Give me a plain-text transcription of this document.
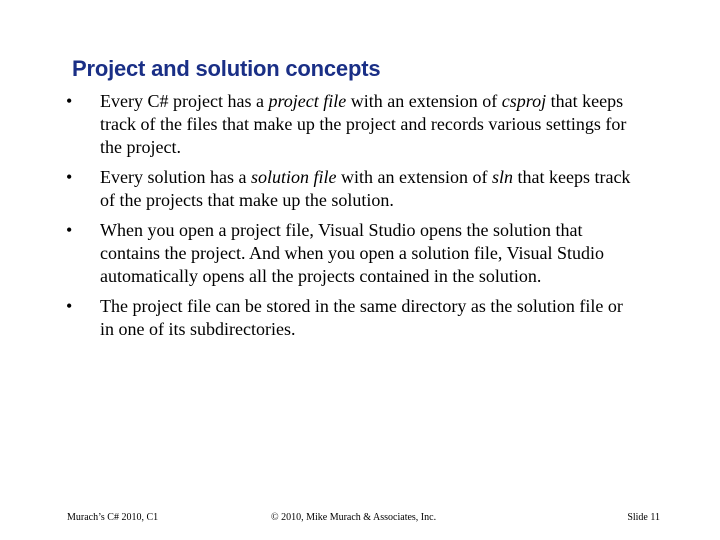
Project and solution concepts
•	Every C# project has a project file with an extension of csproj that keeps track of the files that make up the project and records various settings for the project.
•	Every solution has a solution file with an extension of sln that keeps track of the projects that make up the solution.
•	When you open a project file, Visual Studio opens the solution that contains the project. And when you open a solution file, Visual Studio automatically opens all the projects contained in the solution.
•	The project file can be stored in the same directory as the solution file or in one of its subdirectories.
Murach’s C# 2010, C1	© 2010, Mike Murach & Associates, Inc.	Slide 11
